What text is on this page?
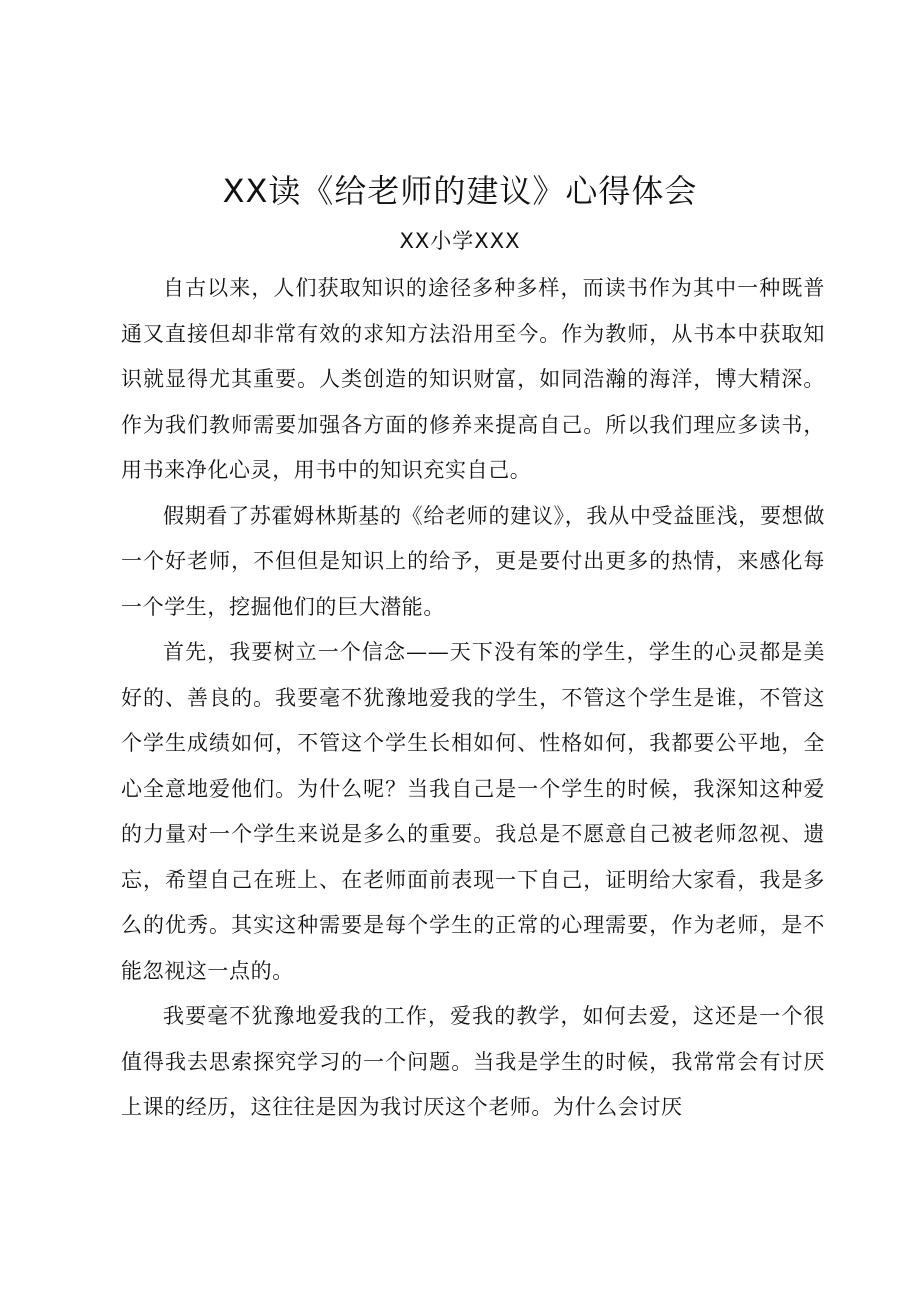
XX读《给老师的建议》心得体会
XX小学XXX

自古以来，人们获取知识的途径多种多样，而读书作为其中一种既普通又直接但却非常有效的求知方法沿用至今。作为教师，从书本中获取知识就显得尤其重要。人类创造的知识财富，如同浩瀚的海洋，博大精深。作为我们教师需要加强各方面的修养来提高自己。所以我们理应多读书，用书来净化心灵，用书中的知识充实自己。

假期看了苏霍姆林斯基的《给老师的建议》，我从中受益匪浅，要想做一个好老师，不但但是知识上的给予，更是要付出更多的热情，来感化每一个学生，挖掘他们的巨大潜能。

首先，我要树立一个信念——天下没有笨的学生，学生的心灵都是美好的、善良的。我要毫不犹豫地爱我的学生，不管这个学生是谁，不管这个学生成绩如何，不管这个学生长相如何、性格如何，我都要公平地，全心全意地爱他们。为什么呢？当我自己是一个学生的时候，我深知这种爱的力量对一个学生来说是多么的重要。我总是不愿意自己被老师忽视、遗忘，希望自己在班上、在老师面前表现一下自己，证明给大家看，我是多么的优秀。其实这种需要是每个学生的正常的心理需要，作为老师，是不能忽视这一点的。

我要毫不犹豫地爱我的工作，爱我的教学，如何去爱，这还是一个很值得我去思索探究学习的一个问题。当我是学生的时候，我常常会有讨厌上课的经历，这往往是因为我讨厌这个老师。为什么会讨厌
